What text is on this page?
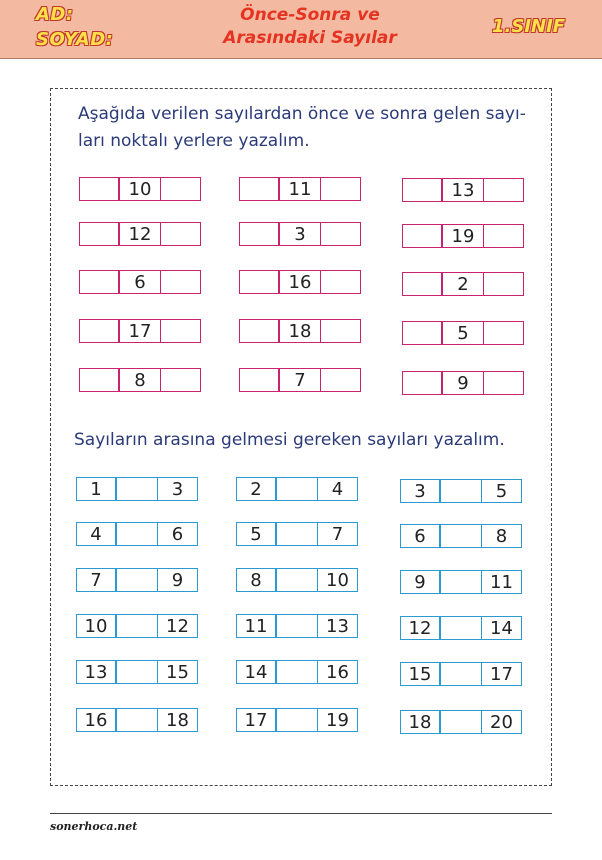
AD:
SOYAD:
Önce-Sonra ve
Arasındaki Sayılar
1.SINIF
Aşağıda verilen sayılardan önce ve sonra gelen sayı-ları noktalı yerlere yazalım.
Sayıların arasına gelmesi gereken sayıları yazalım.
10
12
6
17
8
11
3
16
18
7
13
19
2
5
9
1	3
4	6
7	9
10	12
13	15
16	18
2	4
5	7
8	10
11	13
14	16
17	19
3	5
6	8
9	11
12	14
15	17
18	20
sonerhoca.net
